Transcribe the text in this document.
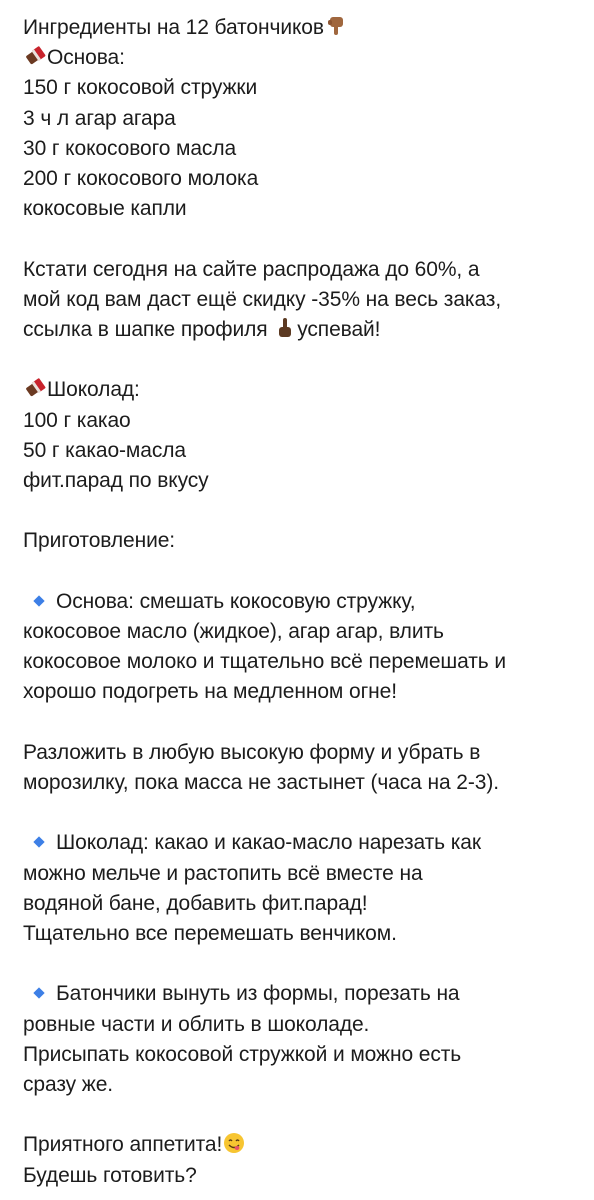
Ингредиенты на 12 батончиков
Основа:
150 г кокосовой стружки
3 ч л агар агара
30 г кокосового масла
200 г кокосового молока
кокосовые капли
Кстати сегодня на сайте распродажа до 60%, а
мой код вам даст ещё скидку -35% на весь заказ,
ссылка в шапке профиля успевай!
Шоколад:
100 г какао
50 г какао-масла
фит.парад по вкусу
Приготовление:
Основа: смешать кокосовую стружку,
кокосовое масло (жидкое), агар агар, влить
кокосовое молоко и тщательно всё перемешать и
хорошо подогреть на медленном огне!
Разложить в любую высокую форму и убрать в
морозилку, пока масса не застынет (часа на 2-3).
Шоколад: какао и какао-масло нарезать как
можно мельче и растопить всё вместе на
водяной бане, добавить фит.парад!
Тщательно все перемешать венчиком.
Батончики вынуть из формы, порезать на
ровные части и облить в шоколаде.
Присыпать кокосовой стружкой и можно есть
сразу же.
Приятного аппетита!
Будешь готовить?
